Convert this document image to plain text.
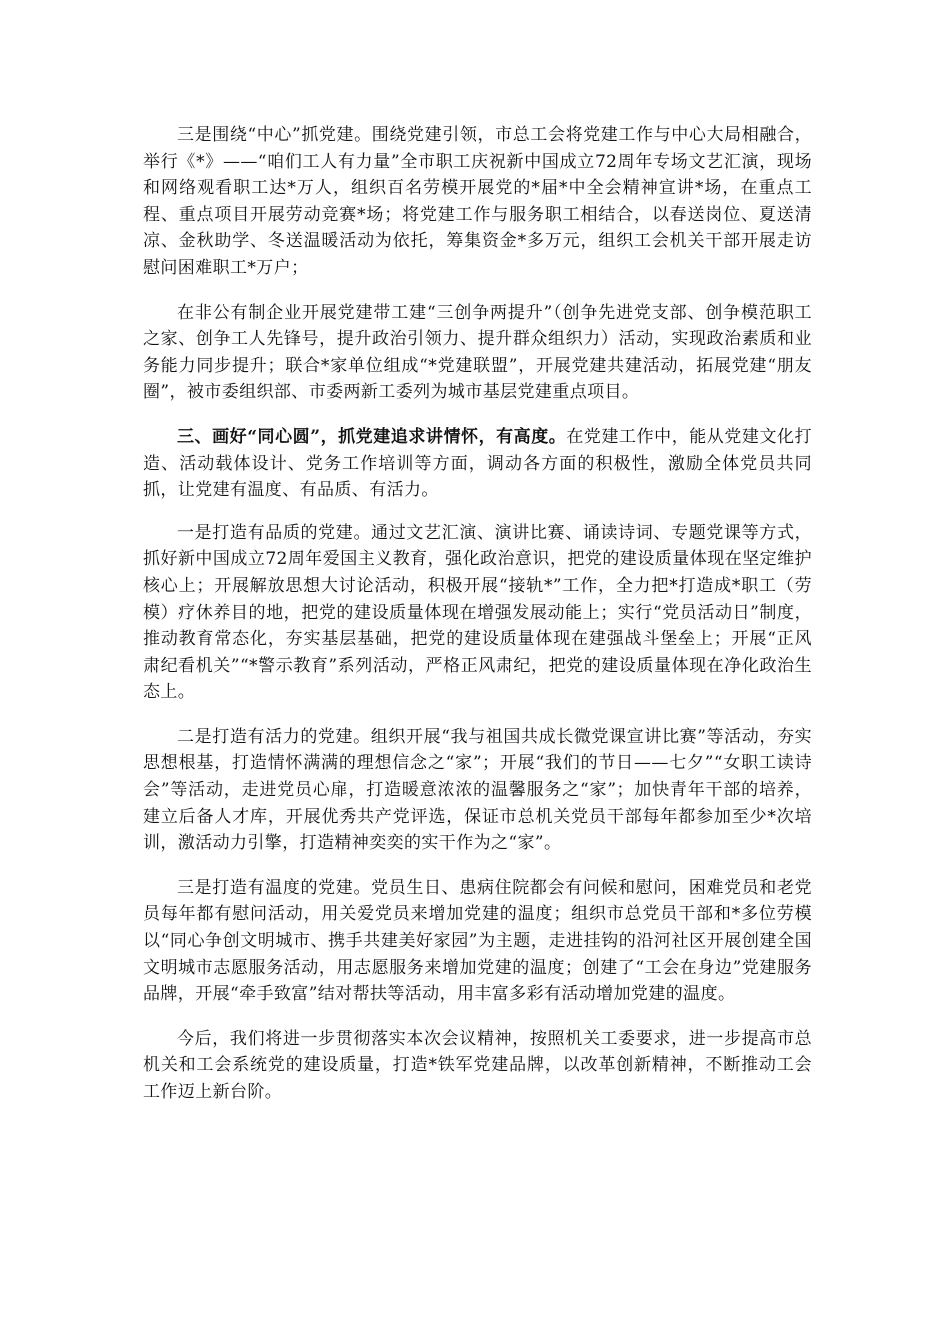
三是围绕“中心”抓党建。围绕党建引领，市总工会将党建工作与中心大局相融合，举行《*》——“咱们工人有力量”全市职工庆祝新中国成立72周年专场文艺汇演，现场和网络观看职工达*万人，组织百名劳模开展党的*届*中全会精神宣讲*场，在重点工程、重点项目开展劳动竞赛*场；将党建工作与服务职工相结合，以春送岗位、夏送清凉、金秋助学、冬送温暖活动为依托，筹集资金*多万元，组织工会机关干部开展走访慰问困难职工*万户；

在非公有制企业开展党建带工建“三创争两提升”（创争先进党支部、创争模范职工之家、创争工人先锋号，提升政治引领力、提升群众组织力）活动，实现政治素质和业务能力同步提升；联合*家单位组成“*党建联盟”，开展党建共建活动，拓展党建“朋友圈”，被市委组织部、市委两新工委列为城市基层党建重点项目。

三、画好“同心圆”，抓党建追求讲情怀，有高度。在党建工作中，能从党建文化打造、活动载体设计、党务工作培训等方面，调动各方面的积极性，激励全体党员共同抓，让党建有温度、有品质、有活力。

一是打造有品质的党建。通过文艺汇演、演讲比赛、诵读诗词、专题党课等方式，抓好新中国成立72周年爱国主义教育，强化政治意识，把党的建设质量体现在坚定维护核心上；开展解放思想大讨论活动，积极开展“接轨*”工作，全力把*打造成*职工（劳模）疗休养目的地，把党的建设质量体现在增强发展动能上；实行“党员活动日”制度，推动教育常态化，夯实基层基础，把党的建设质量体现在建强战斗堡垒上；开展“正风肃纪看机关”“*警示教育”系列活动，严格正风肃纪，把党的建设质量体现在净化政治生态上。

二是打造有活力的党建。组织开展“我与祖国共成长微党课宣讲比赛”等活动，夯实思想根基，打造情怀满满的理想信念之“家”；开展“我们的节日——七夕”“女职工读诗会”等活动，走进党员心扉，打造暖意浓浓的温馨服务之“家”；加快青年干部的培养，建立后备人才库，开展优秀共产党评选，保证市总机关党员干部每年都参加至少*次培训，激活动力引擎，打造精神奕奕的实干作为之“家”。

三是打造有温度的党建。党员生日、患病住院都会有问候和慰问，困难党员和老党员每年都有慰问活动，用关爱党员来增加党建的温度；组织市总党员干部和*多位劳模以“同心争创文明城市、携手共建美好家园”为主题，走进挂钩的沿河社区开展创建全国文明城市志愿服务活动，用志愿服务来增加党建的温度；创建了“工会在身边”党建服务品牌，开展“牵手致富”结对帮扶等活动，用丰富多彩有活动增加党建的温度。

今后，我们将进一步贯彻落实本次会议精神，按照机关工委要求，进一步提高市总机关和工会系统党的建设质量，打造*铁军党建品牌，以改革创新精神，不断推动工会工作迈上新台阶。
